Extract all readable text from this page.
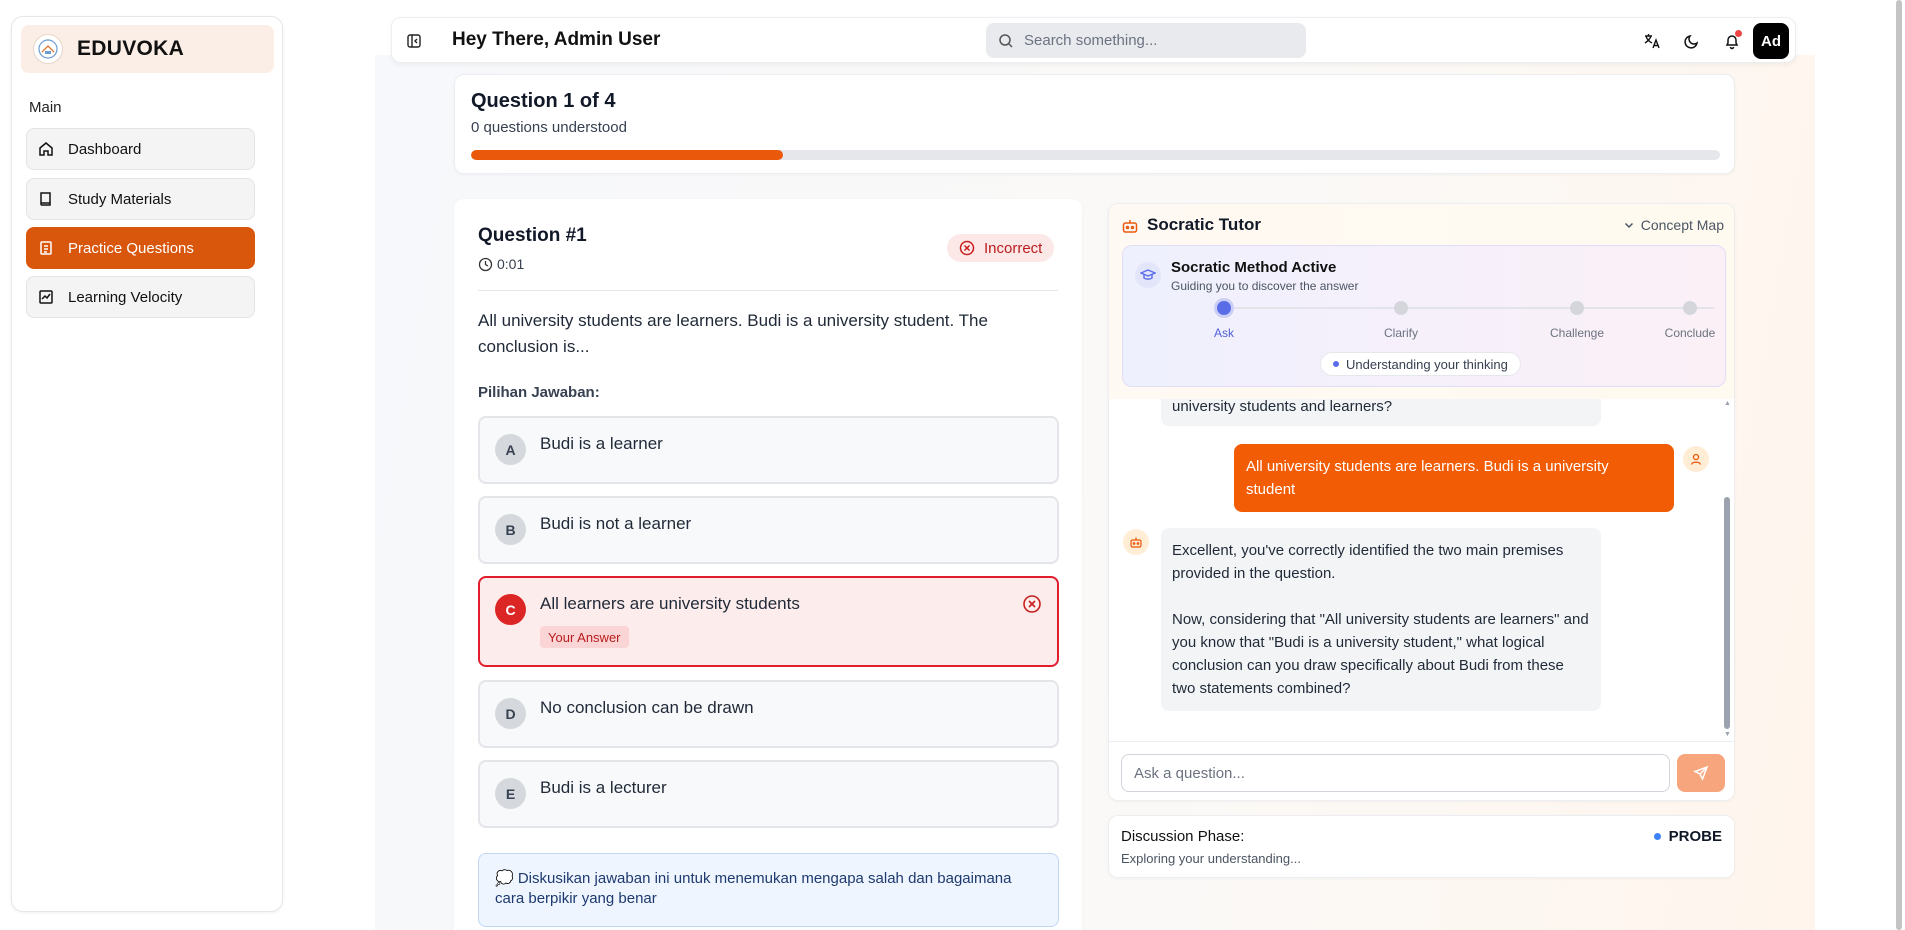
EDUVOKA
Main
Dashboard
Study Materials
Practice Questions
Learning Velocity
Hey There, Admin User
Search something...	Ad
Question 1 of 4
0 questions understood
Question #1
0:01
Incorrect
All university students are learners. Budi is a university student. The conclusion is...
Pilihan Jawaban:
A	Budi is a learner
B	Budi is not a learner
C	All learners are university students
Your Answer
D	No conclusion can be drawn
E	Budi is a lecturer
💭 Diskusikan jawaban ini untuk menemukan mengapa salah dan bagaimana cara berpikir yang benar
Socratic Tutor	Concept Map
Socratic Method Active
Guiding you to discover the answer
Ask	Clarify	Challenge	Conclude
Understanding your thinking
university students and learners?
All university students are learners. Budi is a university student
Excellent, you've correctly identified the two main premises provided in the question.
Now, considering that "All university students are learners" and you know that "Budi is a university student," what logical conclusion can you draw specifically about Budi from these two statements combined?
▲
▼
Ask a question...
Discussion Phase:
Exploring your understanding...
PROBE
